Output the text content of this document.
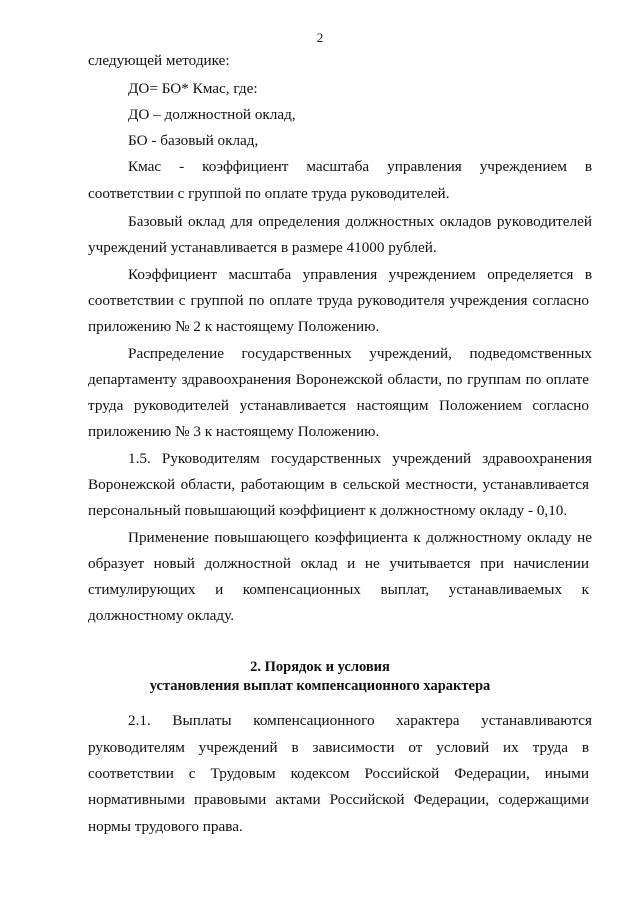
2
следующей методике:
ДО= БО* Кмас, где:
ДО – должностной оклад,
БО - базовый оклад,
Кмас - коэффициент масштаба управления учреждением в
соответствии с группой по оплате труда руководителей.
Базовый оклад для определения должностных окладов руководителей
учреждений устанавливается в размере 41000 рублей.
Коэффициент масштаба управления учреждением определяется в
соответствии с группой по оплате труда руководителя учреждения согласно
приложению № 2 к настоящему Положению.
Распределение государственных учреждений, подведомственных
департаменту здравоохранения Воронежской области, по группам по оплате
труда руководителей устанавливается настоящим Положением согласно
приложению № 3 к настоящему Положению.
1.5. Руководителям государственных учреждений здравоохранения
Воронежской области, работающим в сельской местности, устанавливается
персональный повышающий коэффициент к должностному окладу - 0,10.
Применение повышающего коэффициента к должностному окладу не
образует новый должностной оклад и не учитывается при начислении
стимулирующих и компенсационных выплат, устанавливаемых к
должностному окладу.
2. Порядок и условия
установления выплат компенсационного характера
2.1. Выплаты компенсационного характера устанавливаются
руководителям учреждений в зависимости от условий их труда в
соответствии с Трудовым кодексом Российской Федерации, иными
нормативными правовыми актами Российской Федерации, содержащими
нормы трудового права.
